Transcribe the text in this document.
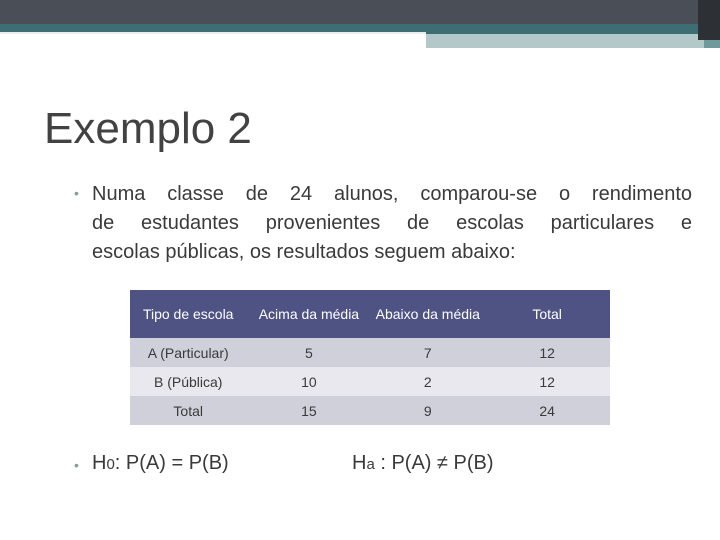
Exemplo 2
• Numa classe de 24 alunos, comparou-se o rendimento
de estudantes provenientes de escolas particulares e
escolas públicas, os resultados seguem abaixo:
Tipo de escola	Acima da média	Abaixo da média	Total
A (Particular)	5	7	12
B (Pública)	10	2	12
Total	15	9	24
• H0: P(A) = P(B)	Ha : P(A) ≠ P(B)
